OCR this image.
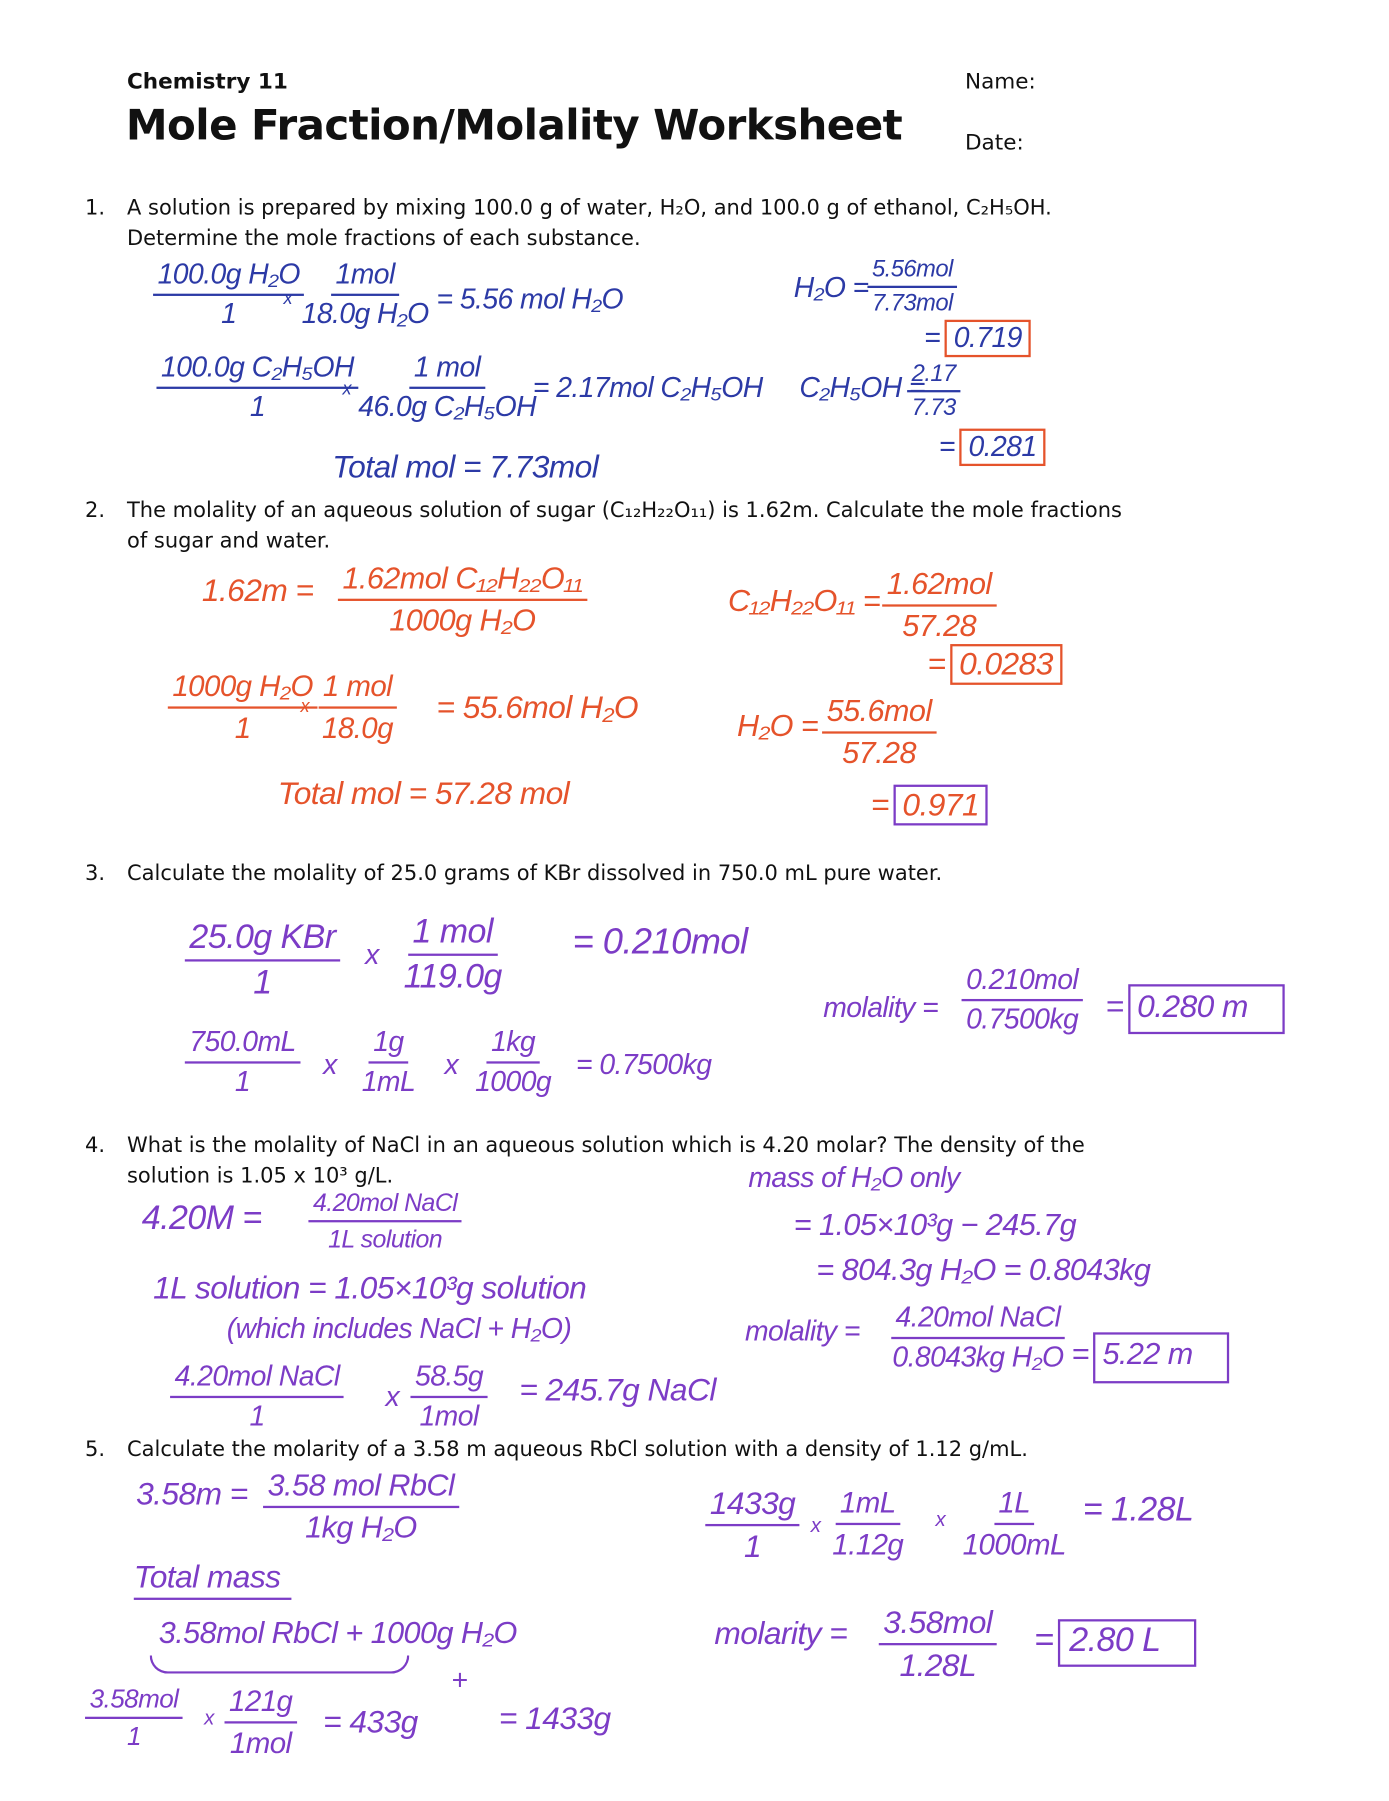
Chemistry 11
Mole Fraction/Molality Worksheet
Name:
Date:
1. A solution is prepared by mixing 100.0 g of water, H₂O, and 100.0 g of ethanol, C₂H₅OH.
Determine the mole fractions of each substance.
$\frac{\text{100.0g H₂O}}{1}$
x
1mol
18.0g H₂O = 5.56 mol H₂O
$\frac{\text{100.0g C₂H₅OH}}{1}$
x
1 mol
46.0g C₂H₅OH
= 2.17mol C₂H₅OH
Total mol = 7.73mol
H₂O =
5.56mol
7.73mol
= 0.719
C₂H₅OH =
$\frac{2.17}{7.73}$
= 0.281
2. The molality of an aqueous solution of sugar (C₁₂H₂₂O₁₁) is 1.62m. Calculate the mole fractions
of sugar and water.
1.62m = 1.62mol C₁₂H₂₂O₁₁
1000g H₂O
$\frac{\text{1000g H₂O}}{1}$
x
1 mol
18.0g
= 55.6mol H₂O
Total mol = 57.28 mol
C₁₂H₂₂O₁₁ = 1.62mol
57.28
= 0.0283
H₂O = 55.6mol
57.28
= 0.971
3. Calculate the molality of 25.0 grams of KBr dissolved in 750.0 mL pure water.
25.0g KBr
1
x
1 mol
119.0g
= 0.210mol
$\frac{750.0mL}{1}$ x $\frac{1g}{1mL}$ x $\frac{1kg}{1000g} = 0.7500kg$
molality =
0.210mol
0.7500kg = 0.280 m
4. What is the molality of NaCl in an aqueous solution which is 4.20 molar? The density of the
solution is 1.05 x 10³ g/L.
4.20M = 4.20mol NaCl
1L solution
1L solution = 1.05×10³g solution
(which includes NaCl + H₂O)
4.20mol NaCl
1
x
58.5g
1mol
= 245.7g NaCl
mass of H₂O only
= 1.05×10³g − 245.7g
= 804.3g H₂O = 0.8043kg
molality = 4.20mol NaCl
0.8043kg H₂O = 5.22 m
5. Calculate the molarity of a 3.58 m aqueous RbCl solution with a density of 1.12 g/mL.
3.58m = 3.58 mol RbCl
1kg H₂O
Total mass
3.58mol RbCl + 1000g H₂O
+
3.58mol
1
x 121g
1mol
= 433g	= 1433g
$\frac{1433g}{1}$ x $\frac{1mL}{1.12g}$ x $\frac{1L}{1000mL} = 1.28L$
molarity = 3.58mol
1.28L
= 2.80 L
